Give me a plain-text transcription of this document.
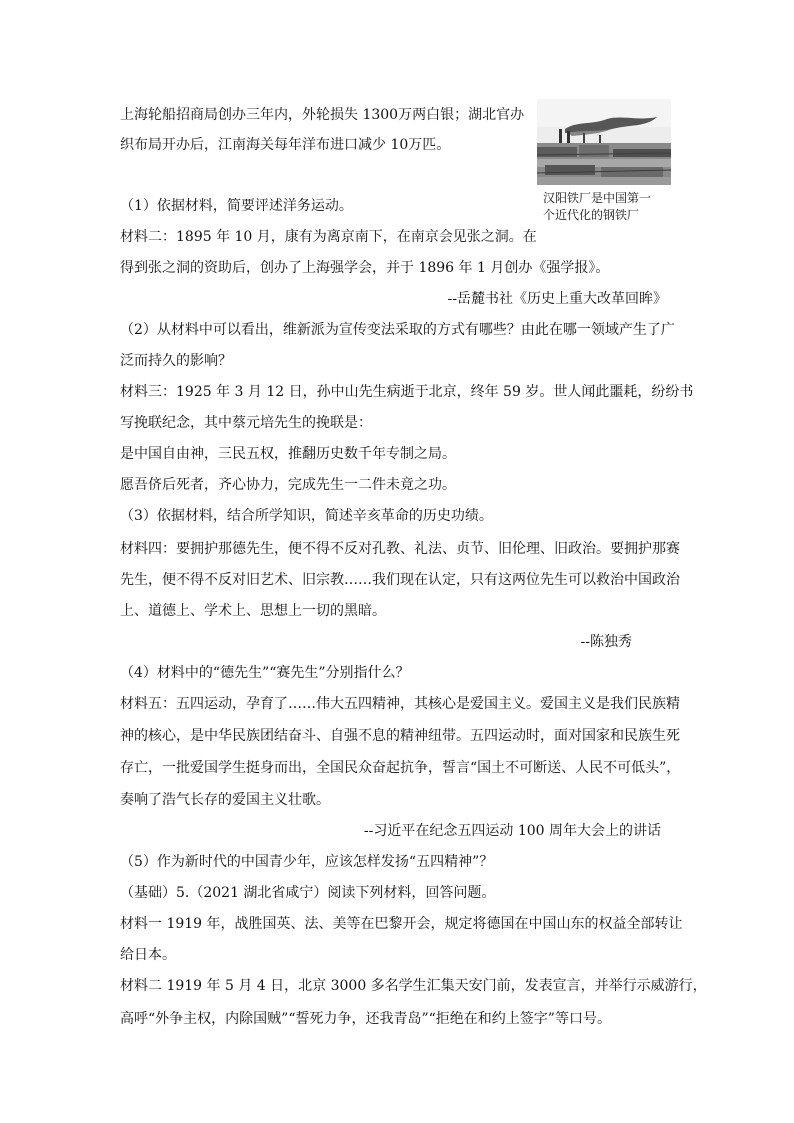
上海轮船招商局创办三年内，外轮损失 1300万两白银；湖北官办
织布局开办后，江南海关每年洋布进口减少 10万匹。
汉阳铁厂是中国第一
个近代化的钢铁厂
（1）依据材料，简要评述洋务运动。
材料二：1895 年 10 月，康有为离京南下，在南京会见张之洞。在
得到张之洞的资助后，创办了上海强学会，并于 1896 年 1 月创办《强学报》。
--岳麓书社《历史上重大改革回眸》
（2）从材料中可以看出，维新派为宣传变法采取的方式有哪些？由此在哪一领域产生了广
泛而持久的影响？
材料三：1925 年 3 月 12 日，孙中山先生病逝于北京，终年 59 岁。世人闻此噩耗，纷纷书
写挽联纪念，其中蔡元培先生的挽联是：
是中国自由神，三民五权，推翻历史数千年专制之局。
愿吾侪后死者，齐心协力，完成先生一二件未竟之功。
（3）依据材料，结合所学知识，简述辛亥革命的历史功绩。
材料四：要拥护那德先生，便不得不反对孔教、礼法、贞节、旧伦理、旧政治。要拥护那赛
先生，便不得不反对旧艺术、旧宗教……我们现在认定，只有这两位先生可以救治中国政治
上、道德上、学术上、思想上一切的黑暗。
--陈独秀
（4）材料中的“德先生”“赛先生”分别指什么？
材料五：五四运动，孕育了……伟大五四精神，其核心是爱国主义。爱国主义是我们民族精
神的核心，是中华民族团结奋斗、自强不息的精神纽带。五四运动时，面对国家和民族生死
存亡，一批爱国学生挺身而出，全国民众奋起抗争，誓言“国土不可断送、人民不可低头”，
奏响了浩气长存的爱国主义壮歌。
--习近平在纪念五四运动 100 周年大会上的讲话
（5）作为新时代的中国青少年，应该怎样发扬“五四精神”？
（基础）5.（2021 湖北省咸宁）阅读下列材料，回答问题。
材料一 1919 年，战胜国英、法、美等在巴黎开会，规定将德国在中国山东的权益全部转让
给日本。
材料二 1919 年 5 月 4 日，北京 3000 多名学生汇集天安门前，发表宣言，并举行示威游行，
高呼“外争主权，内除国贼”“誓死力争，还我青岛”“拒绝在和约上签字”等口号。
